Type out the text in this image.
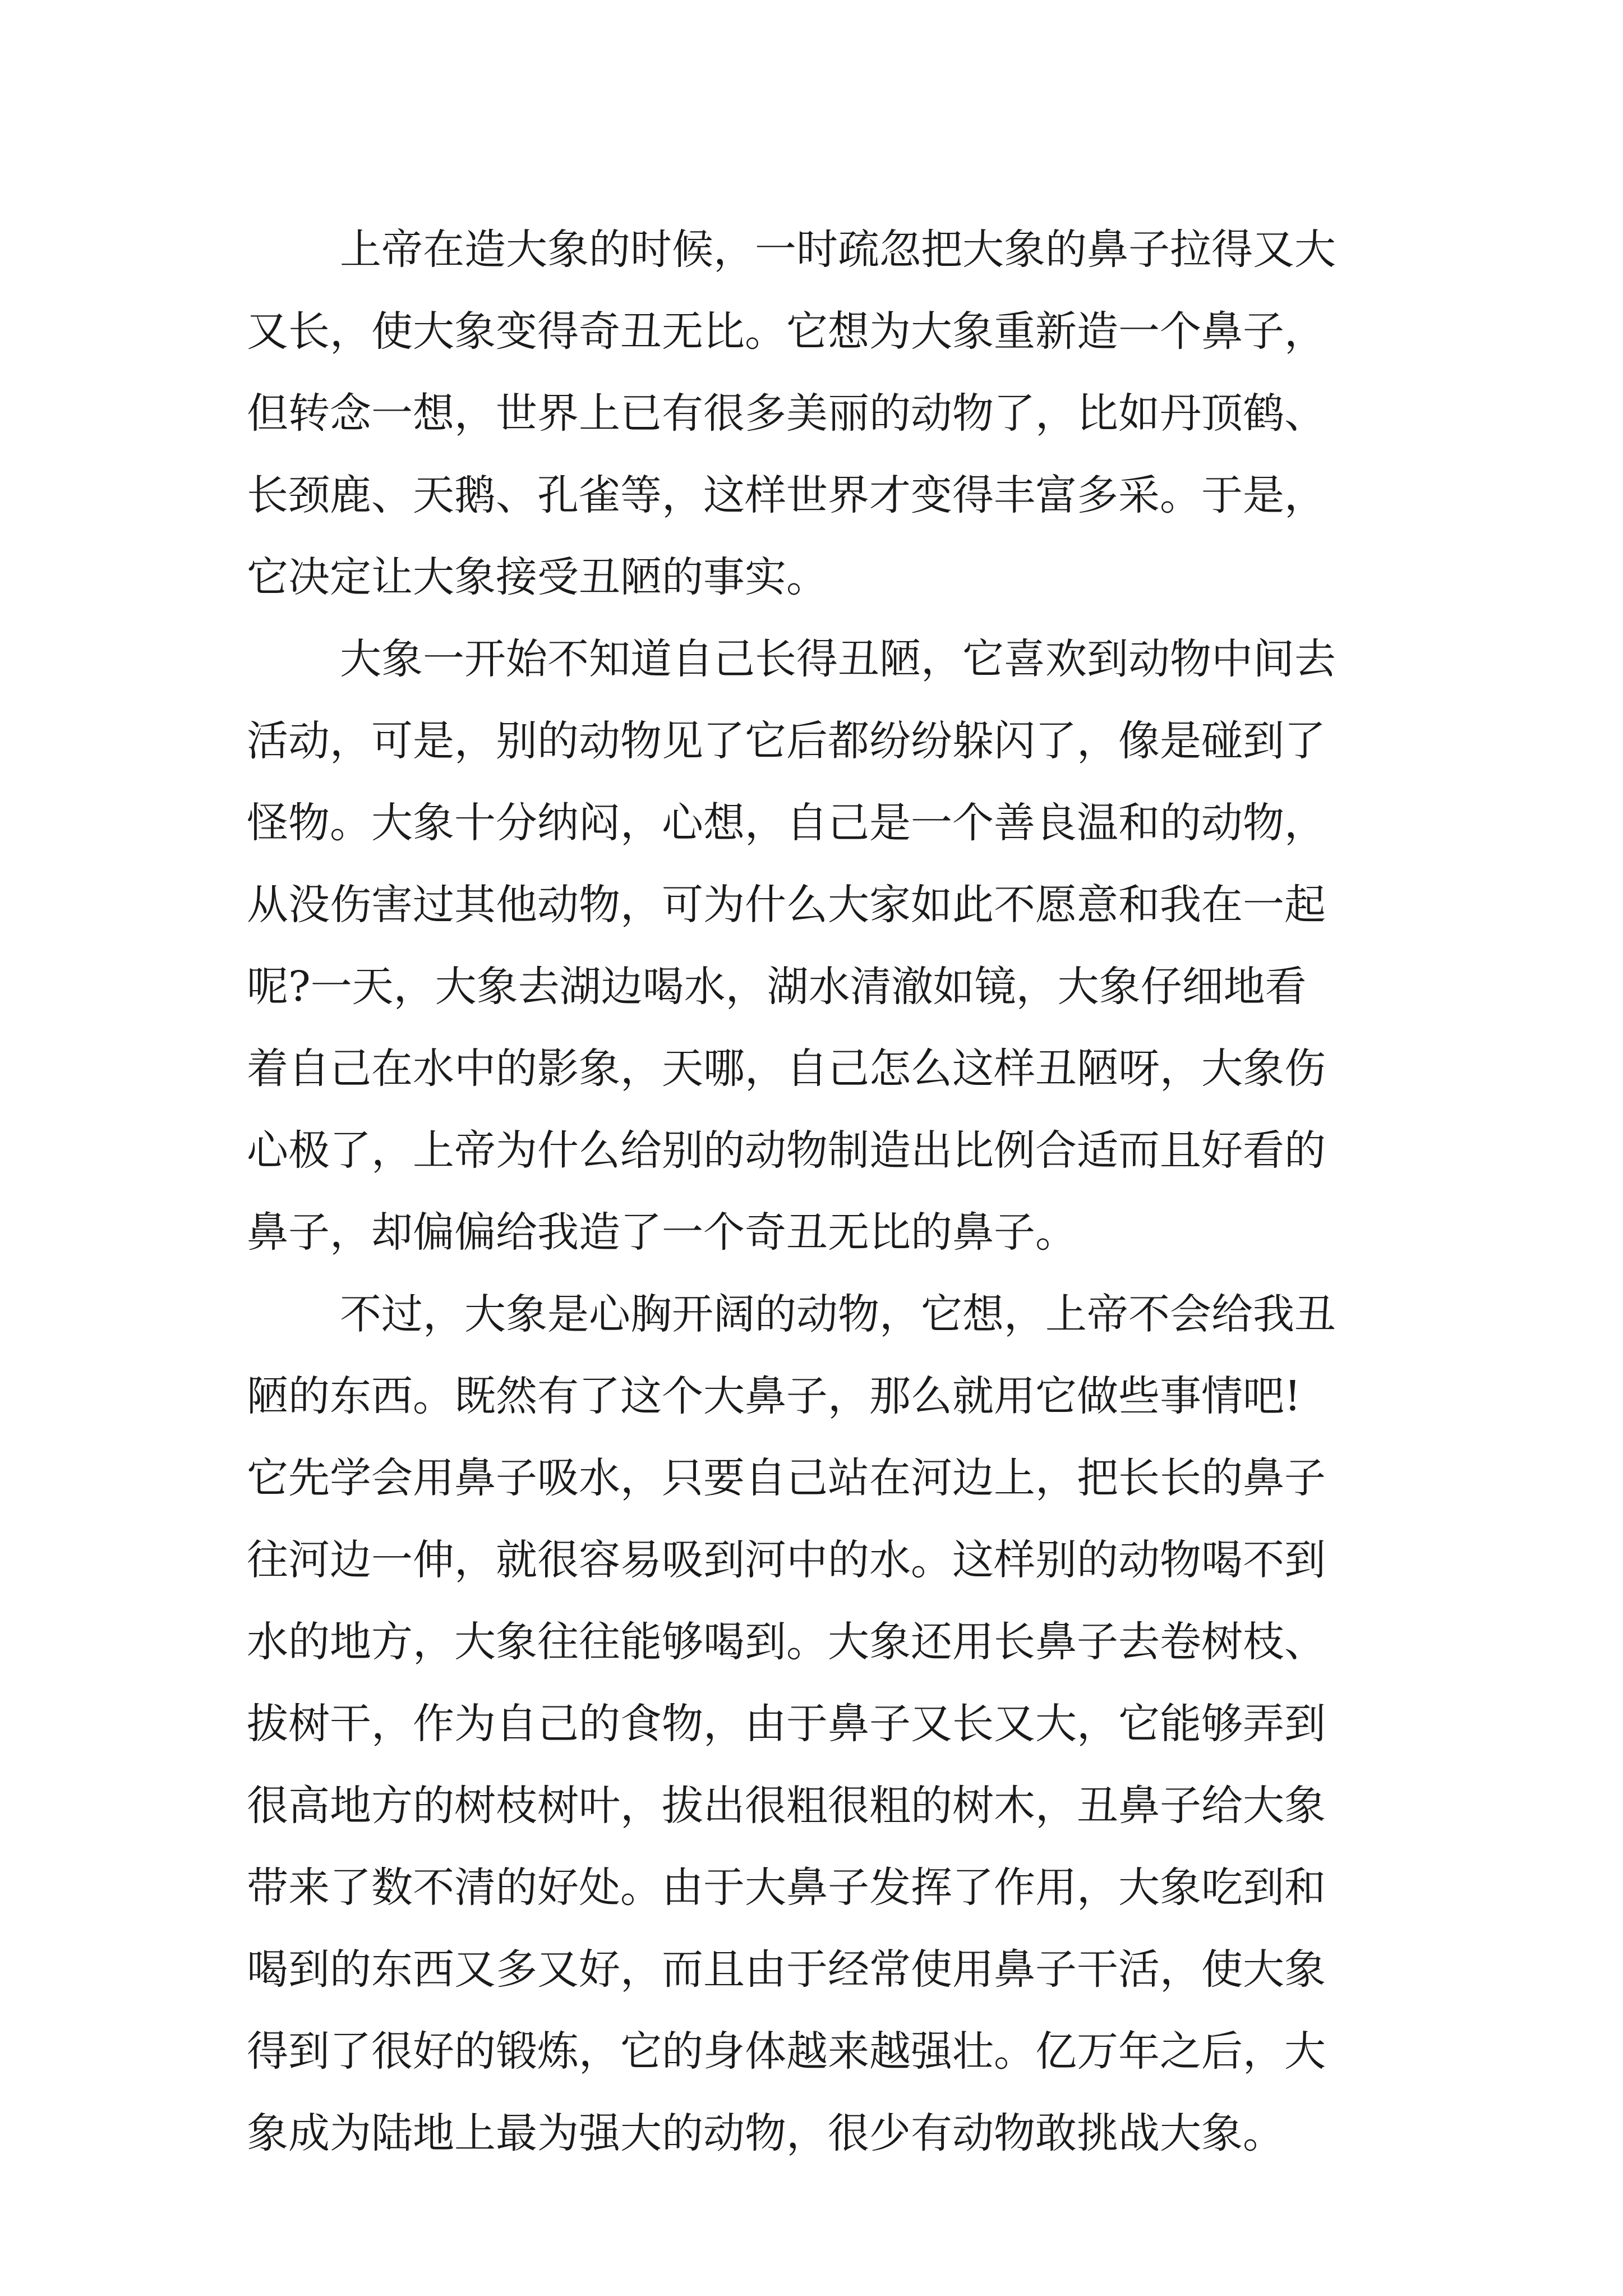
上帝在造大象的时候，一时疏忽把大象的鼻子拉得又大
又长，使大象变得奇丑无比。它想为大象重新造一个鼻子，
但转念一想，世界上已有很多美丽的动物了，比如丹顶鹤、
长颈鹿、天鹅、孔雀等，这样世界才变得丰富多采。于是，
它决定让大象接受丑陋的事实。
大象一开始不知道自己长得丑陋，它喜欢到动物中间去
活动，可是，别的动物见了它后都纷纷躲闪了，像是碰到了
怪物。大象十分纳闷，心想，自己是一个善良温和的动物，
从没伤害过其他动物，可为什么大家如此不愿意和我在一起
呢?一天，大象去湖边喝水，湖水清澈如镜，大象仔细地看
着自己在水中的影象，天哪，自己怎么这样丑陋呀，大象伤
心极了，上帝为什么给别的动物制造出比例合适而且好看的
鼻子，却偏偏给我造了一个奇丑无比的鼻子。
不过，大象是心胸开阔的动物，它想，上帝不会给我丑
陋的东西。既然有了这个大鼻子，那么就用它做些事情吧!
它先学会用鼻子吸水，只要自己站在河边上，把长长的鼻子
往河边一伸，就很容易吸到河中的水。这样别的动物喝不到
水的地方，大象往往能够喝到。大象还用长鼻子去卷树枝、
拔树干，作为自己的食物，由于鼻子又长又大，它能够弄到
很高地方的树枝树叶，拔出很粗很粗的树木，丑鼻子给大象
带来了数不清的好处。由于大鼻子发挥了作用，大象吃到和
喝到的东西又多又好，而且由于经常使用鼻子干活，使大象
得到了很好的锻炼，它的身体越来越强壮。亿万年之后，大
象成为陆地上最为强大的动物，很少有动物敢挑战大象。
